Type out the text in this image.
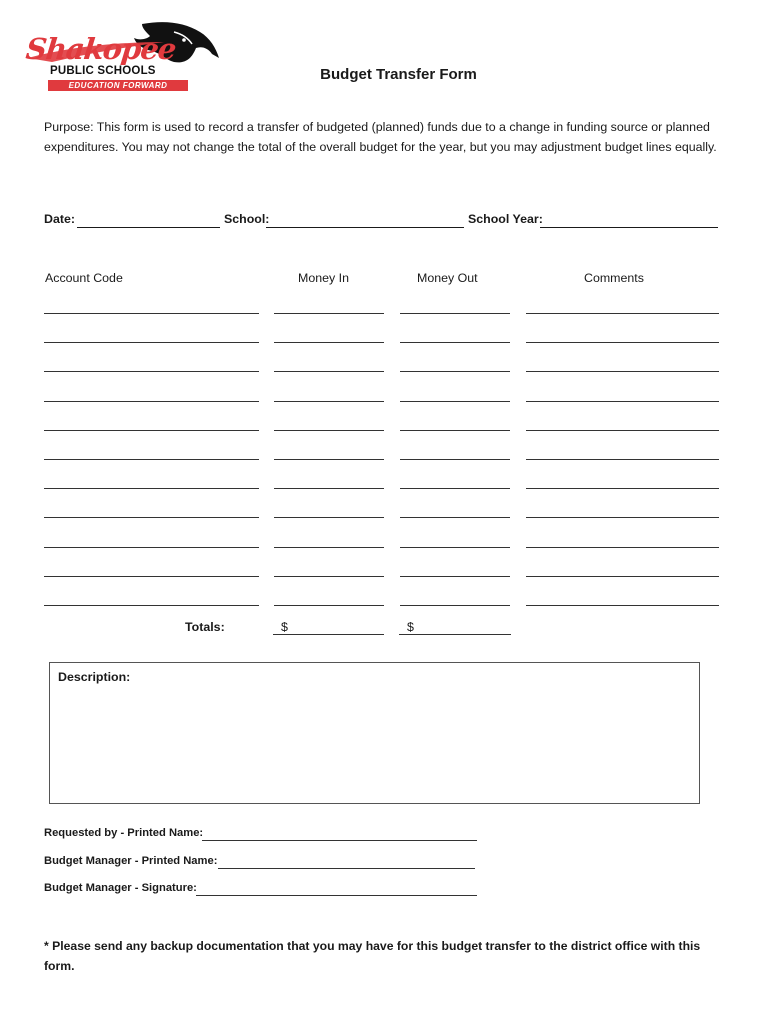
Shakopee
PUBLIC SCHOOLS
EDUCATION FORWARD
Budget Transfer Form
Purpose: This form is used to record a transfer of budgeted (planned) funds due to a change in funding source or planned expenditures. You may not change the total of the overall budget for the year, but you may adjustment budget lines equally.
Date:	School:	School Year:
Account Code	Money In	Money Out	Comments
Totals:	$	$
Description:
Requested by - Printed Name:
Budget Manager - Printed Name:
Budget Manager - Signature:
* Please send any backup documentation that you may have for this budget transfer to the district office with this form.
